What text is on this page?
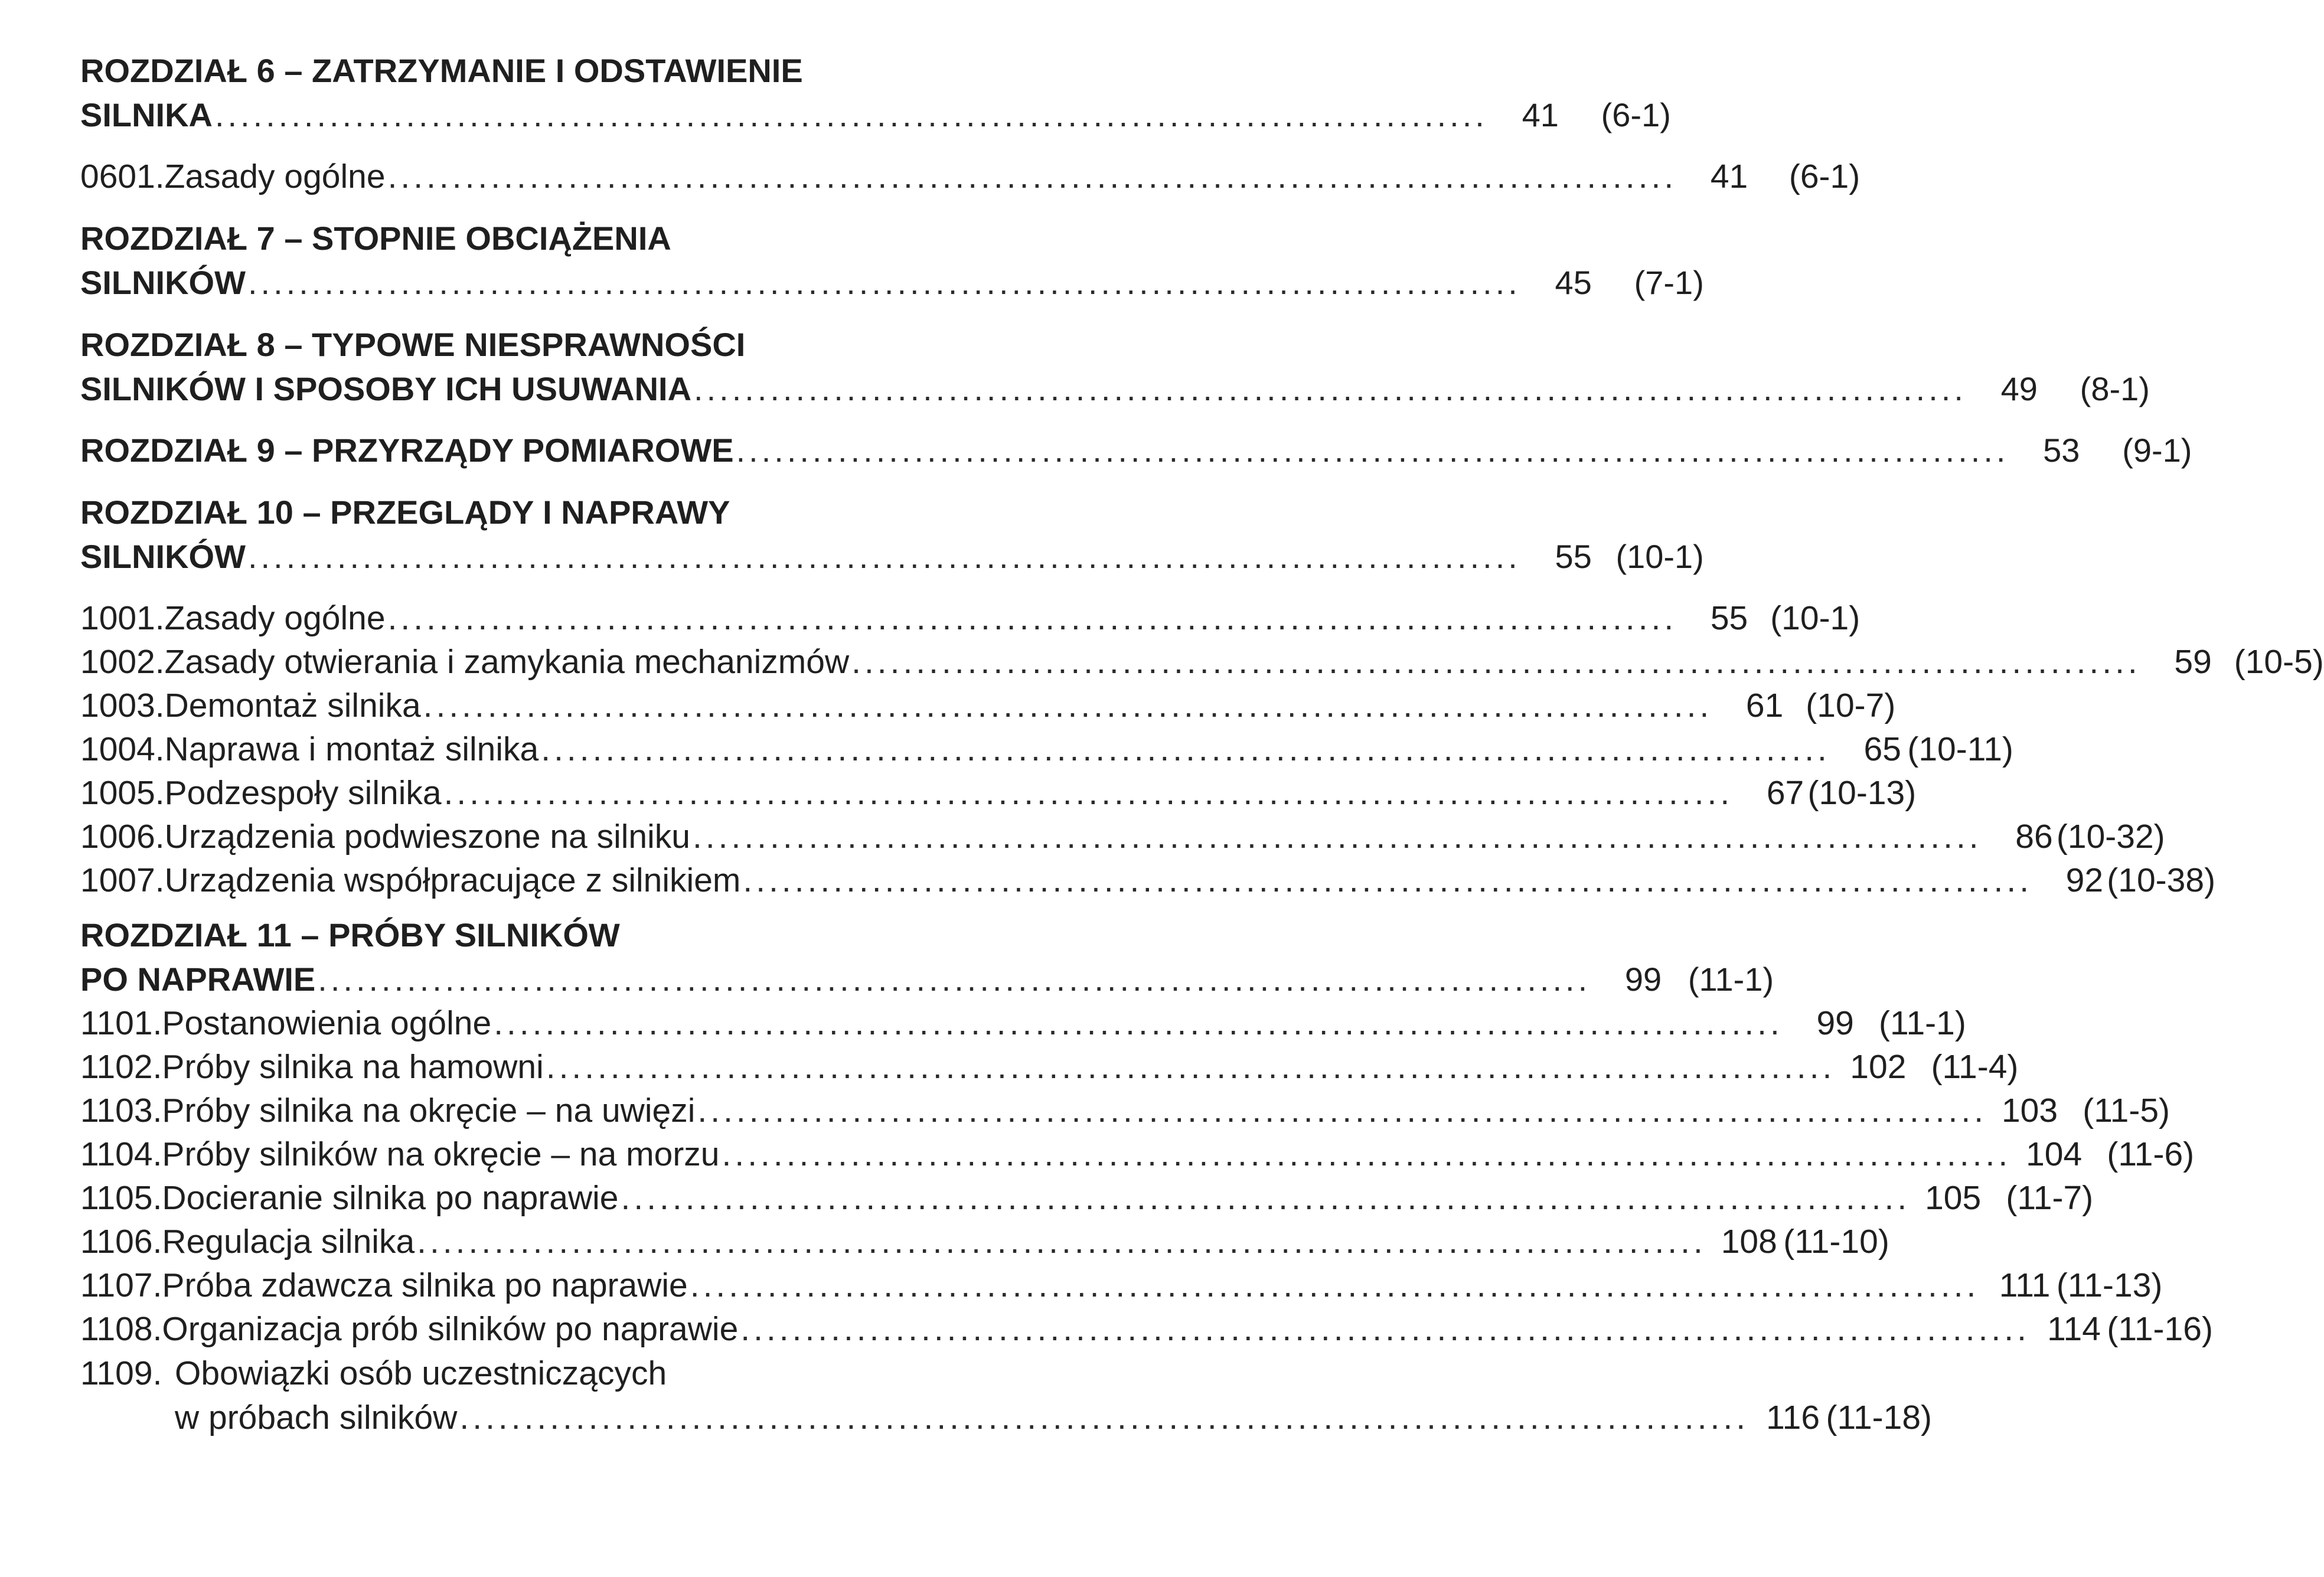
ROZDZIAŁ 6 – ZATRZYMANIE I ODSTAWIENIE
SILNIKA ....................................................................................................	41	(6-1)
0601. Zasady ogólne .................................................................................................... 41	(6-1)
ROZDZIAŁ 7 – STOPNIE OBCIĄŻENIA
SILNIKÓW ....................................................................................................	45	(7-1)
ROZDZIAŁ 8 – TYPOWE NIESPRAWNOŚCI
SILNIKÓW I SPOSOBY ICH USUWANIA ....................................................................................................	49	(8-1)
ROZDZIAŁ 9 – PRZYRZĄDY POMIAROWE ....................................................................................................	53	(9-1)
ROZDZIAŁ 10 – PRZEGLĄDY I NAPRAWY
SILNIKÓW ....................................................................................................	55 (10-1)
1001. Zasady ogólne .................................................................................................... 55 (10-1)
1002. Zasady otwierania i zamykania mechanizmów .................................................................................................... 59 (10-5)
1003. Demontaż silnika .................................................................................................... 61 (10-7)
1004. Naprawa i montaż silnika .................................................................................................... 65 (10-11)
1005. Podzespoły silnika .................................................................................................... 67 (10-13)
1006. Urządzenia podwieszone na silniku .................................................................................................... 86 (10-32)
1007. Urządzenia współpracujące z silnikiem .................................................................................................... 92 (10-38)
ROZDZIAŁ 11 – PRÓBY SILNIKÓW
PO NAPRAWIE ....................................................................................................	99 (11-1)
1101. Postanowienia ogólne .................................................................................................... 99 (11-1)
1102. Próby silnika na hamowni .................................................................................................... 102 (11-4)
1103. Próby silnika na okręcie – na uwięzi .................................................................................................... 103 (11-5)
1104. Próby silników na okręcie – na morzu .................................................................................................... 104 (11-6)
1105. Docieranie silnika po naprawie .................................................................................................... 105 (11-7)
1106. Regulacja silnika .................................................................................................... 108 (11-10)
1107. Próba zdawcza silnika po naprawie .................................................................................................... 111 (11-13)
1108. Organizacja prób silników po naprawie .................................................................................................... 114 (11-16)
1109. Obowiązki osób uczestniczących
w próbach silników .................................................................................................... 116 (11-18)
